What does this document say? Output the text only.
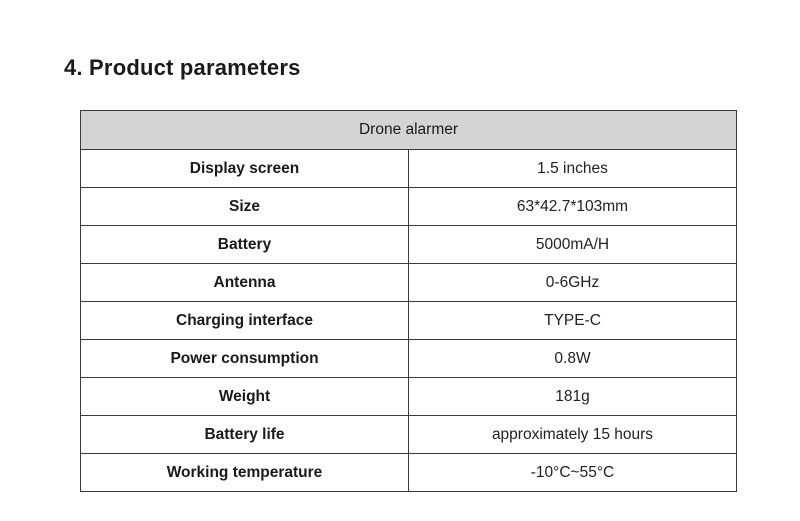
4. Product parameters
Drone alarmer	
Display screen	1.5 inches
Size	63*42.7*103mm
Battery	5000mA/H
Antenna	0-6GHz
Charging interface	TYPE-C
Power consumption	0.8W
Weight	181g
Battery life	approximately 15 hours
Working temperature	-10°C~55°C
